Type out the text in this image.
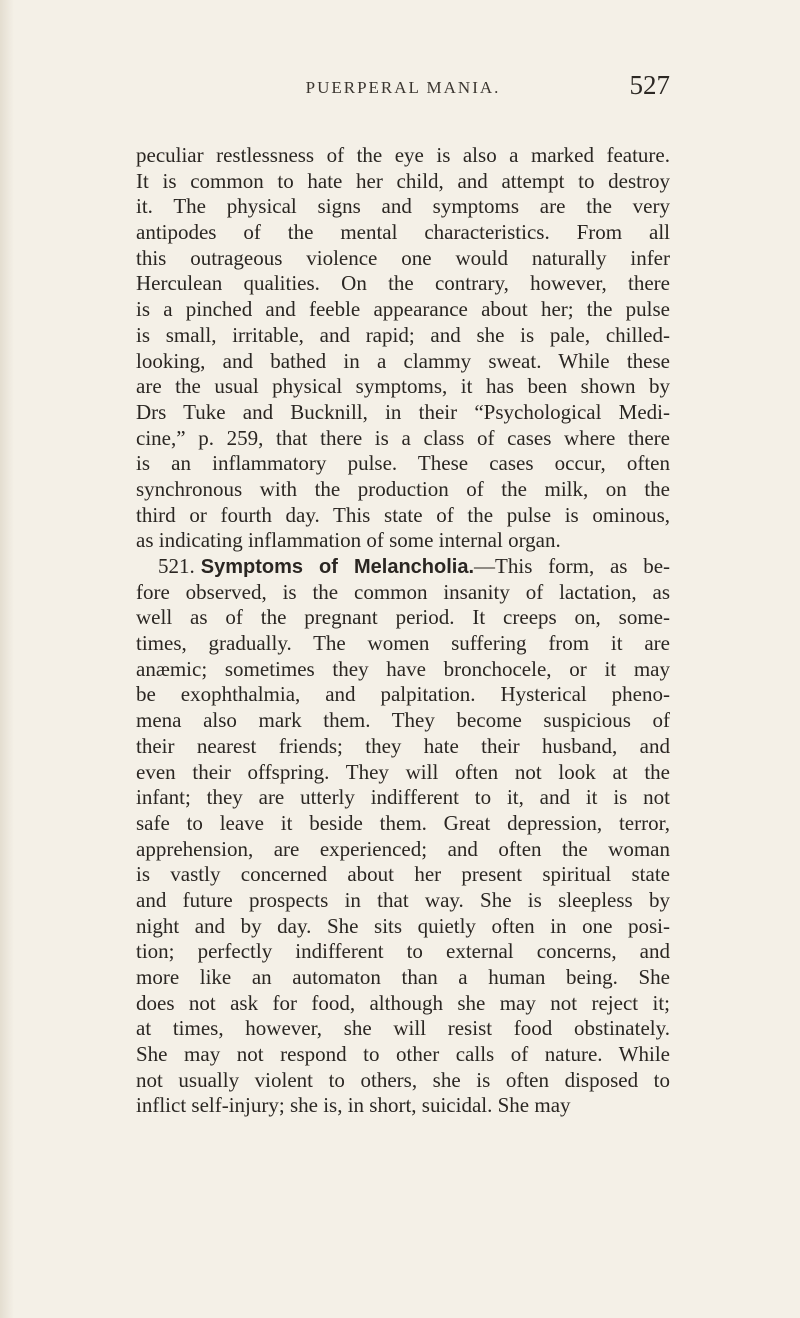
PUERPERAL MANIA.	527
peculiar restlessness of the eye is also a marked feature.
It is common to hate her child, and attempt to destroy
it. The physical signs and symptoms are the very
antipodes of the mental characteristics. From all
this outrageous violence one would naturally infer
Herculean qualities. On the contrary, however, there
is a pinched and feeble appearance about her; the pulse
is small, irritable, and rapid; and she is pale, chilled-
looking, and bathed in a clammy sweat. While these
are the usual physical symptoms, it has been shown by
Drs Tuke and Bucknill, in their “Psychological Medi-
cine,” p. 259, that there is a class of cases where there
is an inflammatory pulse. These cases occur, often
synchronous with the production of the milk, on the
third or fourth day. This state of the pulse is ominous,
as indicating inflammation of some internal organ.
521. Symptoms of Melancholia.—This form, as be-
fore observed, is the common insanity of lactation, as
well as of the pregnant period. It creeps on, some-
times, gradually. The women suffering from it are
anæmic; sometimes they have bronchocele, or it may
be exophthalmia, and palpitation. Hysterical pheno-
mena also mark them. They become suspicious of
their nearest friends; they hate their husband, and
even their offspring. They will often not look at the
infant; they are utterly indifferent to it, and it is not
safe to leave it beside them. Great depression, terror,
apprehension, are experienced; and often the woman
is vastly concerned about her present spiritual state
and future prospects in that way. She is sleepless by
night and by day. She sits quietly often in one posi-
tion; perfectly indifferent to external concerns, and
more like an automaton than a human being. She
does not ask for food, although she may not reject it;
at times, however, she will resist food obstinately.
She may not respond to other calls of nature. While
not usually violent to others, she is often disposed to
inflict self-injury; she is, in short, suicidal. She may
